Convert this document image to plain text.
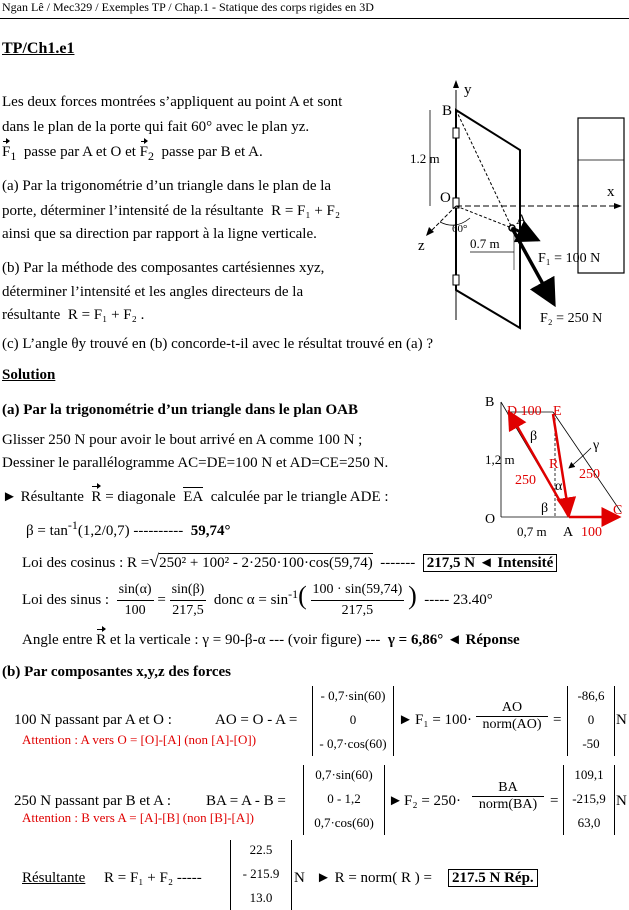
Ngan Lê / Mec329 / Exemples TP / Chap.1 - Statique des corps rigides en 3D
TP/Ch1.e1
Les deux forces montrées s’appliquent au point A et sont
dans le plan de la porte qui fait 60° avec le plan yz.
$F_1$ passe par A et O et $F_2$ passe par B et A.
(a) Par la trigonométrie d’un triangle dans le plan de la
porte, déterminer l’intensité de la résultante R = F₁ + F₂
ainsi que sa direction par rapport à la ligne verticale.
(b) Par la méthode des composantes cartésiennes xyz,
déterminer l’intensité et les angles directeurs de la
résultante R = F₁ + F₂ .
(c) L’angle θy trouvé en (b) concorde-t-il avec le résultat trouvé en (a) ?
y
B
x
O
z
A
1.2 m
60°
0.7 m
F₁ = 100 N
F₂ = 250 N
Solution
(a) Par la trigonométrie d’un triangle dans le plan OAB
Glisser 250 N pour avoir le bout arrivé en A comme 100 N ;
Dessiner le parallélogramme AC=DE=100 N et AD=CE=250 N.
► Résultante R = diagonale EA calculée par le triangle ADE :
$\beta = \tan^{-1}(1,2/0,7)$ ---------- 59,74°
B
D 100 E
β
γ
1,2 m R
250
250 α
β
O
C
0,7 m A 100
Loi des cosinus : R =√250² + 100² - 2·250·100·cos(59,74) ------- 217,5 N ◄ Intensité
Loi des sinus : $\frac{\sin(\alpha)}{100} = \frac{\sin(\beta)}{217,5}$ donc $\alpha = \sin^{-1}( \frac{100 \cdot \sin(59,74)}{217,5}$ ) ----- 23.40°
Angle entre R et la verticale : γ = 90-β-α --- (voir figure) --- γ = 6,86° ◄ Réponse
(b) Par composantes x,y,z des forces
100 N passant par A et O :	AO = O - A =
- 0,7·sin(60)
0
- 0,7·cos(60)
► F₁ = 100·
AO
norm(AO) =
-86,6
0
-50
N
Attention : A vers O = [O]-[A] (non [A]-[O])
250 N passant par B et A : BA = A - B =
0,7·sin(60)
0 - 1,2
0,7·cos(60)
► F₂ = 250·
BA
norm(BA) =
109,1
-215,9
63,0
N
Attention : B vers A = [A]-[B] (non [B]-[A])
Résultante R = F₁ + F₂ -----
22.5
- 215.9
13.0
N ► R = norm( R ) = 217.5 N Rép.
